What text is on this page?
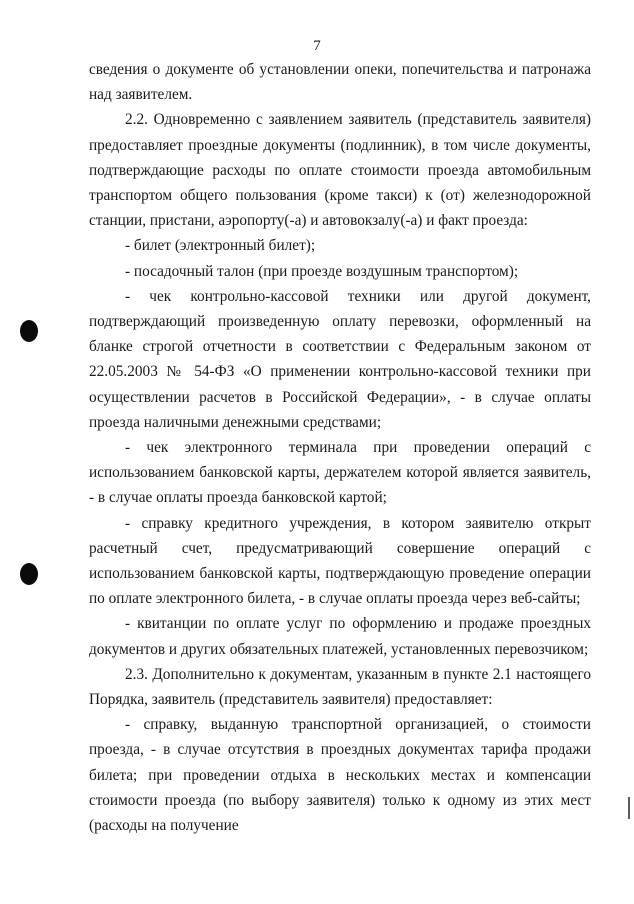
7

сведения о документе об установлении опеки, попечительства и патронажа над заявителем.

2.2. Одновременно с заявлением заявитель (представитель заявителя) предоставляет проездные документы (подлинник), в том числе документы, подтверждающие расходы по оплате стоимости проезда автомобильным транспортом общего пользования (кроме такси) к (от) железнодорожной станции, пристани, аэропорту(-а) и автовокзалу(-а) и факт проезда:

- билет (электронный билет);

- посадочный талон (при проезде воздушным транспортом);

- чек контрольно-кассовой техники или другой документ, подтверждающий произведенную оплату перевозки, оформленный на бланке строгой отчетности в соответствии с Федеральным законом от 22.05.2003 № 54-ФЗ «О применении контрольно-кассовой техники при осуществлении расчетов в Российской Федерации», - в случае оплаты проезда наличными денежными средствами;

- чек электронного терминала при проведении операций с использованием банковской карты, держателем которой является заявитель, - в случае оплаты проезда банковской картой;

- справку кредитного учреждения, в котором заявителю открыт расчетный счет, предусматривающий совершение операций с использованием банковской карты, подтверждающую проведение операции по оплате электронного билета, - в случае оплаты проезда через веб-сайты;

- квитанции по оплате услуг по оформлению и продаже проездных документов и других обязательных платежей, установленных перевозчиком;

2.3. Дополнительно к документам, указанным в пункте 2.1 настоящего Порядка, заявитель (представитель заявителя) предоставляет:

- справку, выданную транспортной организацией, о стоимости проезда, - в случае отсутствия в проездных документах тарифа продажи билета; при проведении отдыха в нескольких местах и компенсации стоимости проезда (по выбору заявителя) только к одному из этих мест (расходы на получение
